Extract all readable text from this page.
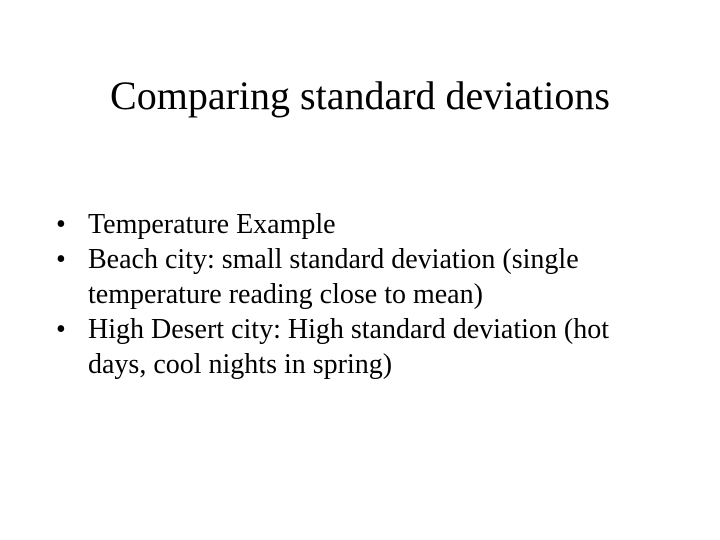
Comparing standard deviations
• Temperature Example
• Beach city: small standard deviation (single temperature reading close to mean)
• High Desert city: High standard deviation (hot days, cool nights in spring)
